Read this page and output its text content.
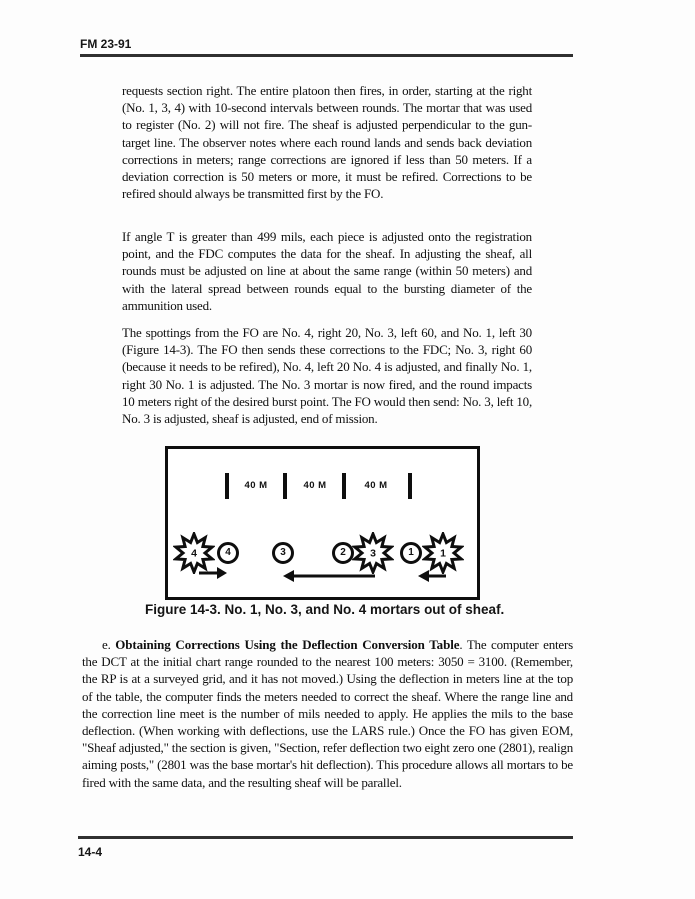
FM 23-91

requests section right. The entire platoon then fires, in order, starting at the right (No. 1, 3, 4) with 10-second intervals between rounds. The mortar that was used to register (No. 2) will not fire. The sheaf is adjusted perpendicular to the gun-target line. The observer notes where each round lands and sends back deviation corrections in meters; range corrections are ignored if less than 50 meters. If a deviation correction is 50 meters or more, it must be refired. Corrections to be refired should always be transmitted first by the FO.

If angle T is greater than 499 mils, each piece is adjusted onto the registration point, and the FDC computes the data for the sheaf. In adjusting the sheaf, all rounds must be adjusted on line at about the same range (within 50 meters) and with the lateral spread between rounds equal to the bursting diameter of the ammunition used.

The spottings from the FO are No. 4, right 20, No. 3, left 60, and No. 1, left 30 (Figure 14-3). The FO then sends these corrections to the FDC; No. 3, right 60 (because it needs to be refired), No. 4, left 20 No. 4 is adjusted, and finally No. 1, right 30 No. 1 is adjusted. The No. 3 mortar is now fired, and the round impacts 10 meters right of the desired burst point. The FO would then send: No. 3, left 10, No. 3 is adjusted, sheaf is adjusted, end of mission.

40 M	40 M	40 M
4	3	1
4	3	2	1
Figure 14-3. No. 1, No. 3, and No. 4 mortars out of sheaf.

e. Obtaining Corrections Using the Deflection Conversion Table. The computer enters the DCT at the initial chart range rounded to the nearest 100 meters: 3050 = 3100. (Remember, the RP is at a surveyed grid, and it has not moved.) Using the deflection in meters line at the top of the table, the computer finds the meters needed to correct the sheaf. Where the range line and the correction line meet is the number of mils needed to apply. He applies the mils to the base deflection. (When working with deflections, use the LARS rule.) Once the FO has given EOM, "Sheaf adjusted," the section is given, "Section, refer deflection two eight zero one (2801), realign aiming posts," (2801 was the base mortar's hit deflection). This procedure allows all mortars to be fired with the same data, and the resulting sheaf will be parallel.

14-4
